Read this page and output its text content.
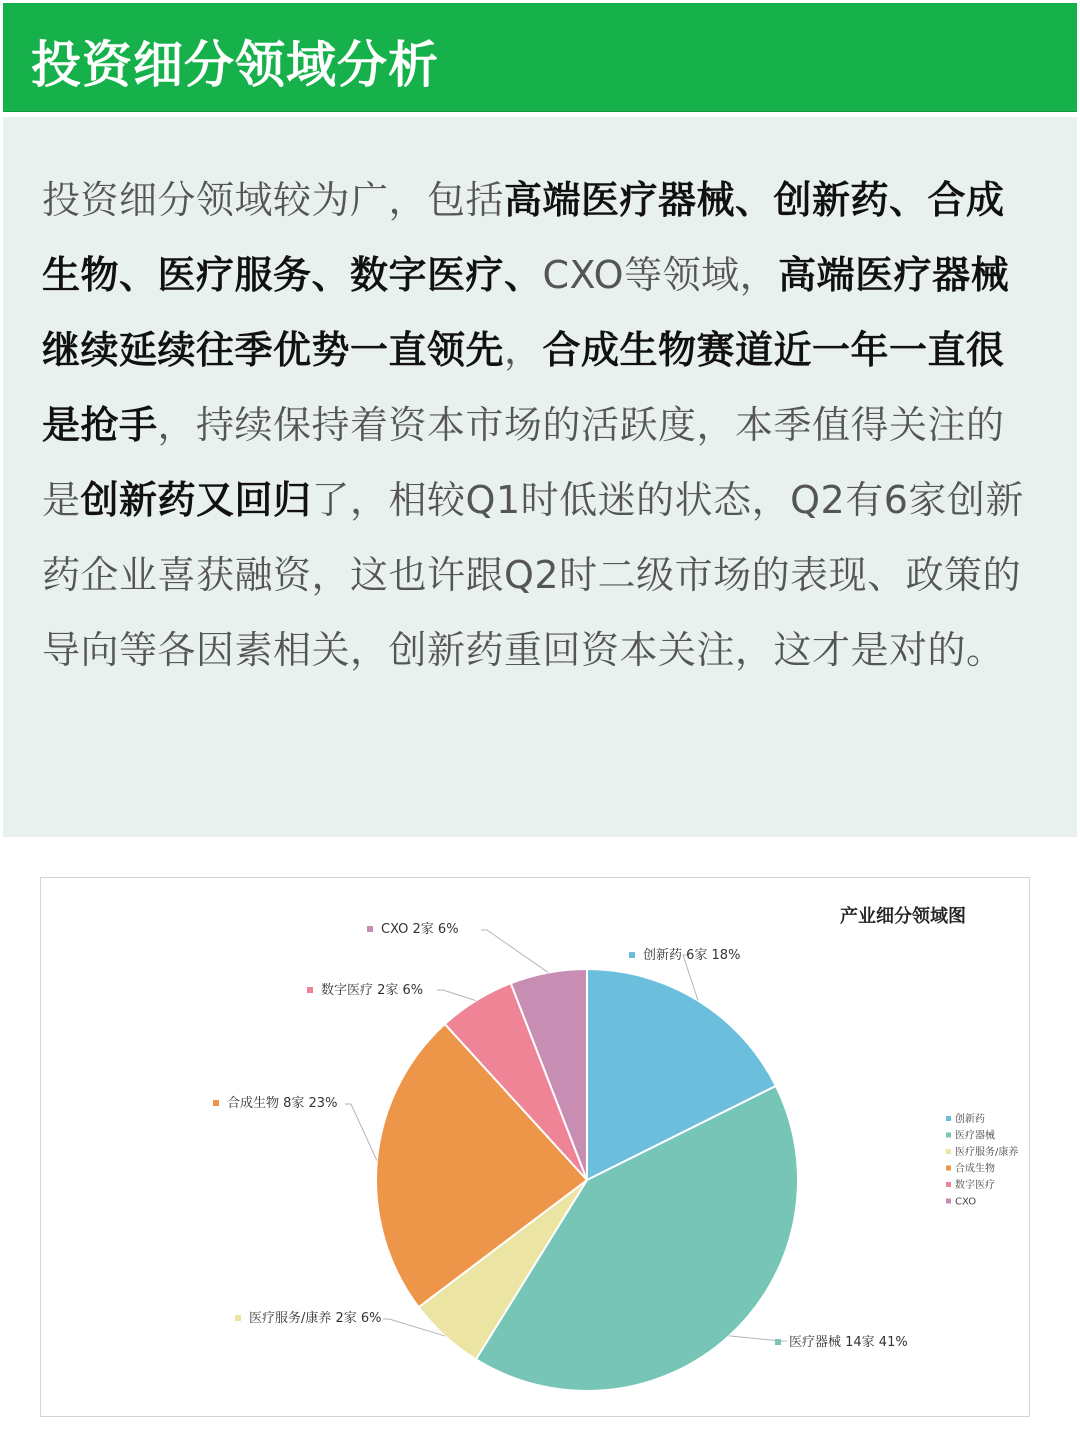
投资细分领域分析

投资细分领域较为广，包括高端医疗器械、创新药、合成生物、医疗服务、数字医疗、CXO等领域，高端医疗器械继续延续往季优势一直领先，合成生物赛道近一年一直很是抢手，持续保持着资本市场的活跃度，本季值得关注的是创新药又回归了，相较Q1时低迷的状态，Q2有6家创新药企业喜获融资，这也许跟Q2时二级市场的表现、政策的导向等各因素相关，创新药重回资本关注，这才是对的。

产业细分领域图
创新药 6家 18%
医疗器械 14家 41%
医疗服务/康养 2家 6%
合成生物 8家 23%
数字医疗 2家 6%
CXO 2家 6%
创新药
医疗器械
医疗服务/康养
合成生物
数字医疗
CXO
